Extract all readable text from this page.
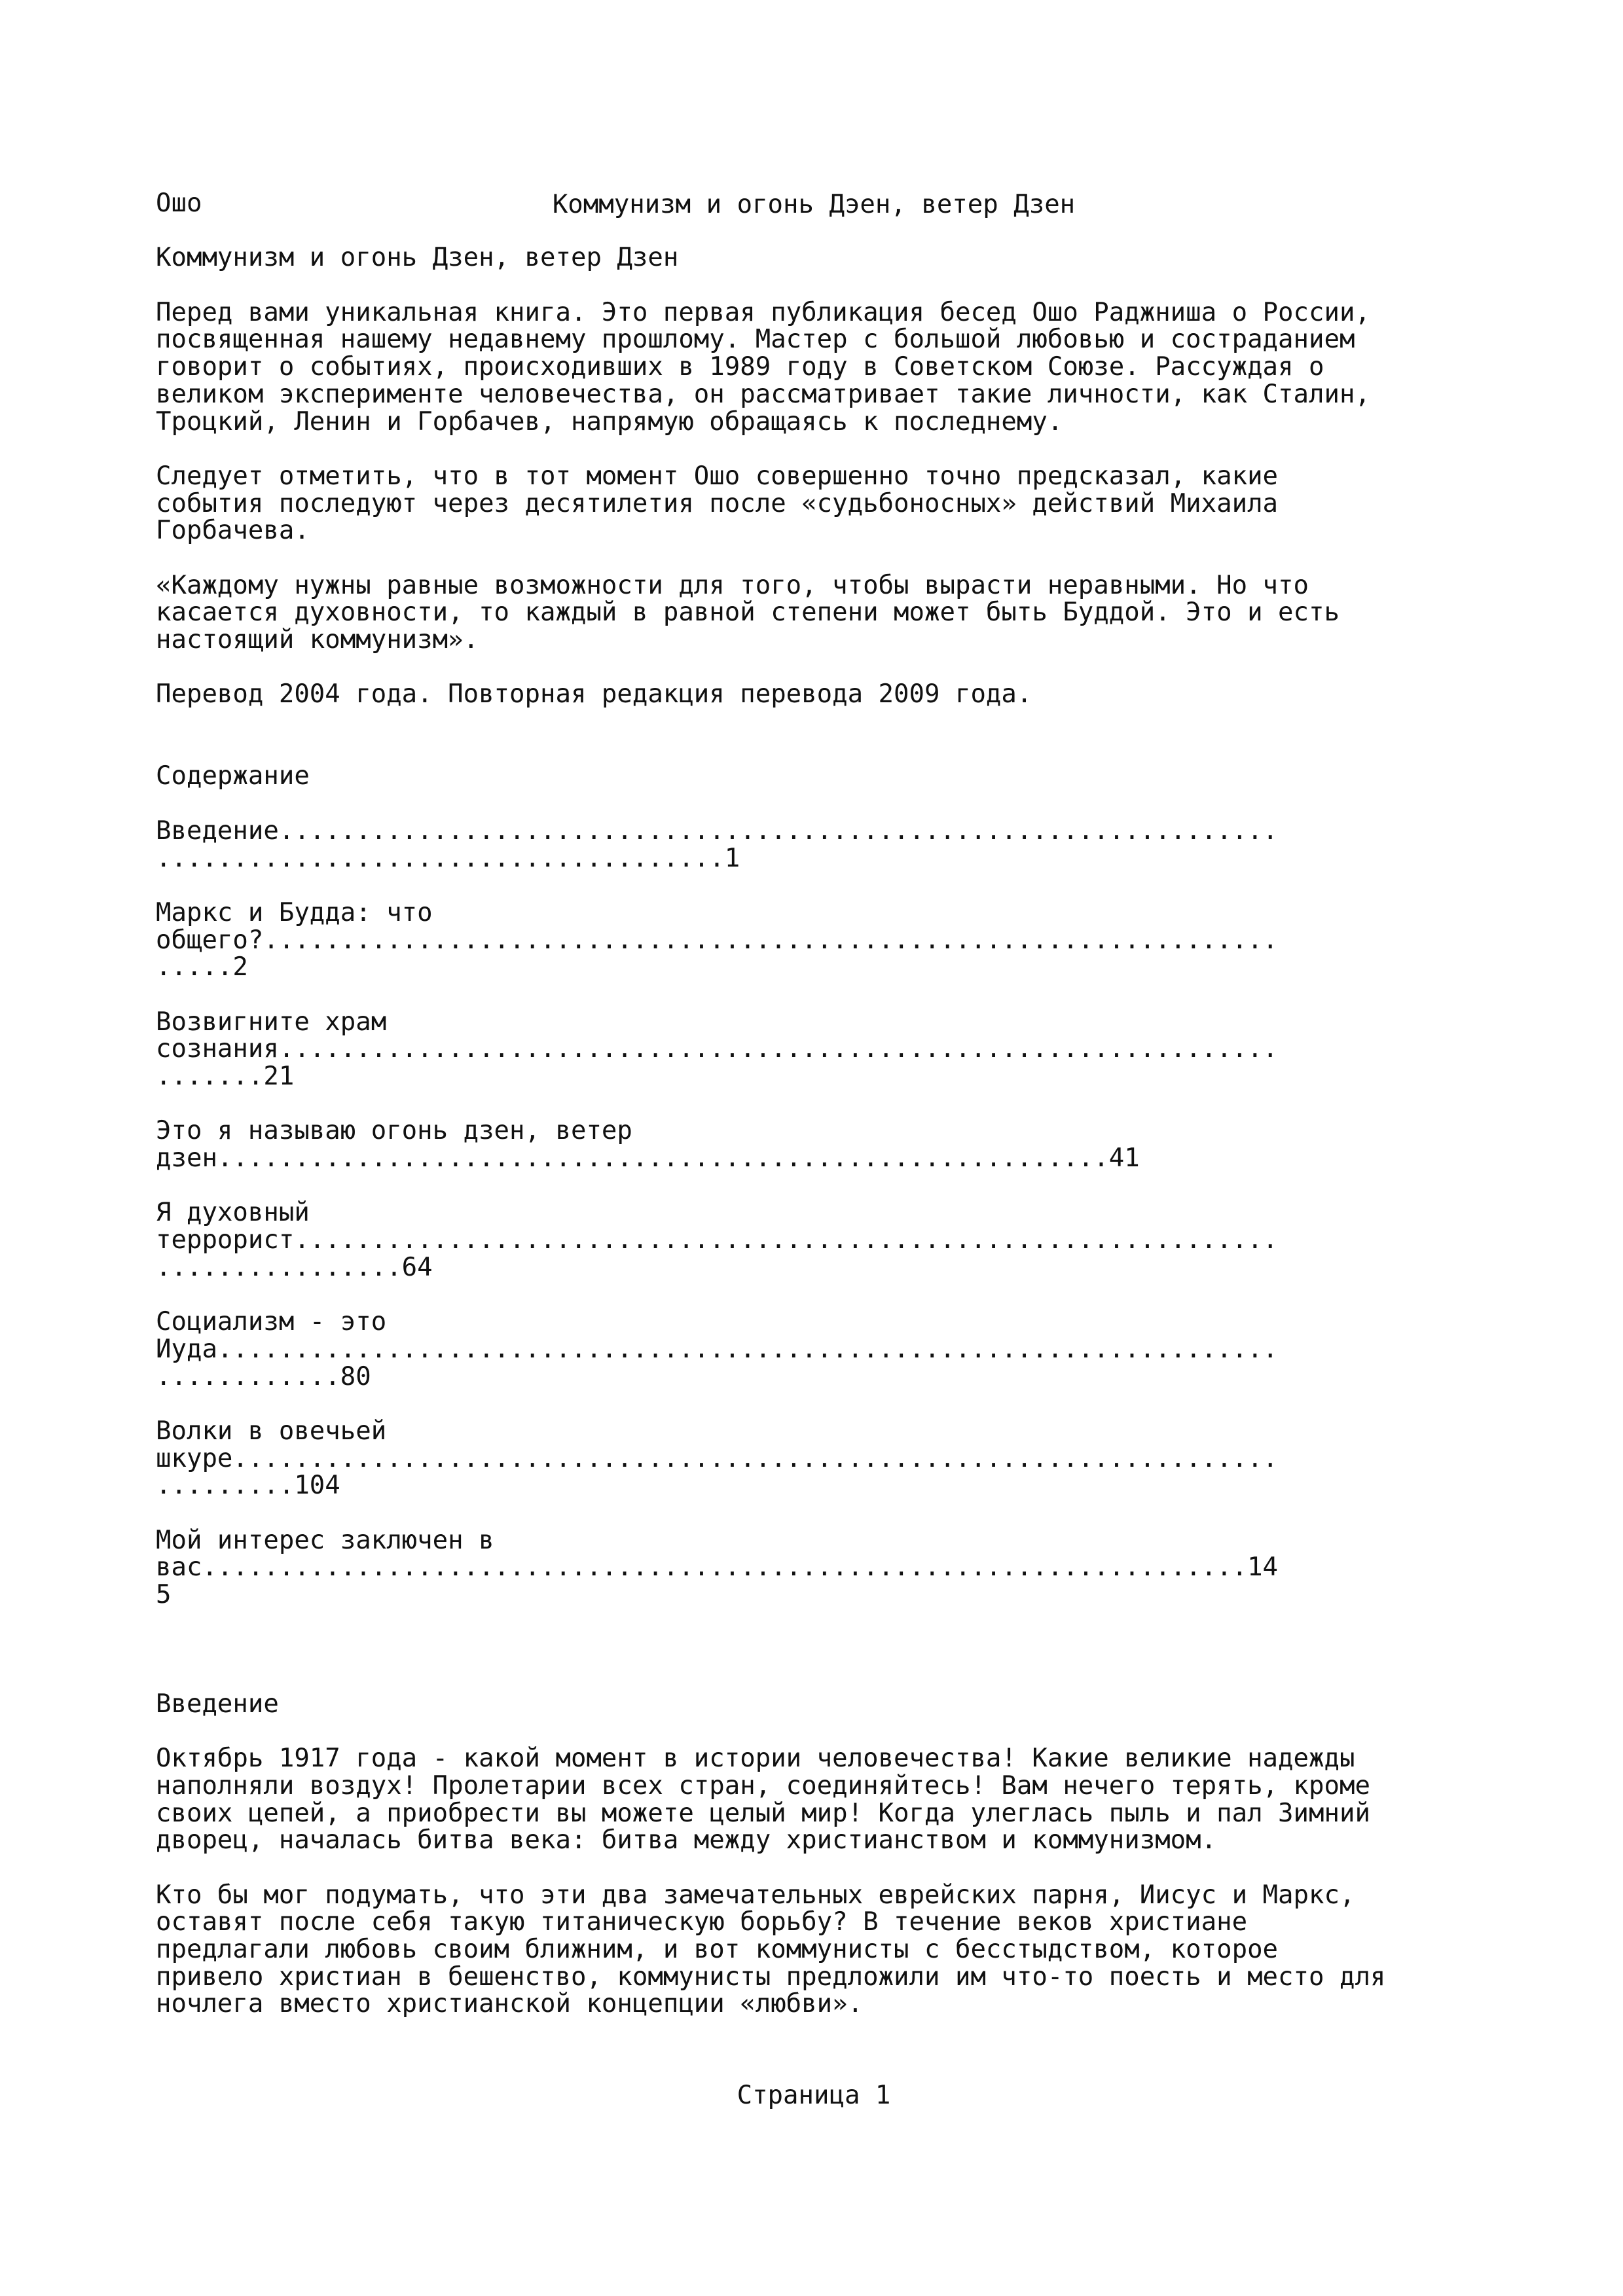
Коммунизм и огонь Дэен, ветер Дзен
Ошо
Коммунизм и огонь Дзен, ветер Дзен
Перед вами уникальная книга. Это первая публикация бесед Ошо Раджниша о России,
посвященная нашему недавнему прошлому. Мастер с большой любовью и состраданием
говорит о событиях, происходивших в 1989 году в Советском Союзе. Рассуждая о
великом эксперименте человечества, он рассматривает такие личности, как Сталин,
Троцкий, Ленин и Горбачев, напрямую обращаясь к последнему.
Следует отметить, что в тот момент Ошо совершенно точно предсказал, какие
события последуют через десятилетия после «судьбоносных» действий Михаила
Горбачева.
«Каждому нужны равные возможности для того, чтобы вырасти неравными. Но что
касается духовности, то каждый в равной степени может быть Буддой. Это и есть
настоящий коммунизм».
Перевод 2004 года. Повторная редакция перевода 2009 года.
Содержание
Введение.................................................................
.....................................1
Маркс и Будда: что
общего?..................................................................
.....2
Возвигните храм
сознания.................................................................
.......21
Это я называю огонь дзен, ветер
дзен..........................................................41
Я духовный
террорист................................................................
................64
Социализм - это
Иуда.....................................................................
............80
Волки в овечьей
шкуре....................................................................
.........104
Мой интерес заключен в
вас....................................................................14
5
Введение
Октябрь 1917 года - какой момент в истории человечества! Какие великие надежды
наполняли воздух! Пролетарии всех стран, соединяйтесь! Вам нечего терять, кроме
своих цепей, а приобрести вы можете целый мир! Когда улеглась пыль и пал Зимний
дворец, началась битва века: битва между христианством и коммунизмом.
Кто бы мог подумать, что эти два замечательных еврейских парня, Иисус и Маркс,
оставят после себя такую титаническую борьбу? В течение веков христиане
предлагали любовь своим ближним, и вот коммунисты с бесстыдством, которое
привело христиан в бешенство, коммунисты предложили им что-то поесть и место для
ночлега вместо христианской концепции «любви».
Страница 1
